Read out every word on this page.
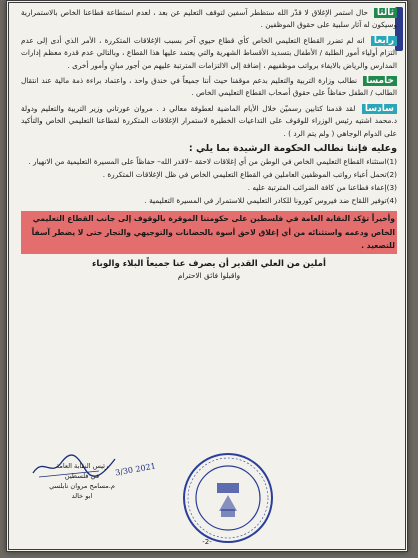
ثالثاً حال استمر الإغلاق لا قدّر الله ستظطر آسفين لتوقف التعليم عن بعد ، لعدم استطاعة قطاعنا الخاص بالاستمرارية وسيكون له آثار سلبية على حقوق الموظفين .

رابعاً انه لم تضرر القطاع التعليمي الخاص كأي قطاع حيوي آخر بسبب الإغلاقات المتكررة ، الأمر الذي أدى إلى عدم التزام أولياء أمور الطلبة / الأطفال بتسديد الأقساط الشهرية والتي يعتمد عليها هذا القطاع ، وبالتالي عدم قدرة معظم إدارات المدارس والرياض بالايفاء برواتب موظفيهم ، إضافة إلى الالتزامات المترتبة عليهم من أجور مبانٍ وأمور أخرى .

خامساً نطالب وزارة التربية والتعليم بدعم موقفنا حيث أننا جميعاً في خندق واحد ، واعتماد براءة ذمة مالية عند انتقال الطالب / الطفل حفاظاً على حقوق أصحاب القطاع التعليمي الخاص .

سادساً لقد قدمنا كتابين رسميّن خلال الأيام الماضية لعطوفة معالي د . مروان عورتاني وزير التربية والتعليم ودولة د.محمد اشتيه رئيس الوزراء للوقوف على التداعيات الخطيرة لاستمرار الإغلاقات المتكررة لقطاعنا التعليمي الخاص والتأكيد على الدوام الوجاهي ( ولم يتم الرد ) .

وعليه فإننا نطالب الحكومة الرشيدة بما يلي :

(1)استثناء القطاع التعليمي الخاص في الوطن من أي إغلاقات لاحقة –لاقدر الله– حفاظاً على المسيرة التعليمية من الانهيار .

(2)تحمل أعباء رواتب الموظفين العاملين في القطاع التعليمي الخاص في ظل الإغلاقات المتكررة .

(3)إعفاء قطاعنا من كافة الضرائب المترتبة عليه .

(4)توفير اللقاح ضد فيروس كورونا للكادر التعليمي للاستمرار في المسيرة التعليمية .

وأخيراً تؤكد النقابة العامة في فلسطين على حكومتنا الموقرة بالوقوف إلى جانب القطاع التعليمي الخاص ودعمه واستثنائه من أي إغلاق لاحق أسوة بالحضانات والتوجيهي والتجار حتى لا يضطر آسفاً للتصعيد .
أملين من العلي القدير أن يصرف عنا جميعاً البلاء والوباء
واقبلوا فائق الاحترام
3/30 2021
رئيس النقابة العامة
في فلسطين
م.مسامح مروان نابلسي
ابو خالد
-2-
